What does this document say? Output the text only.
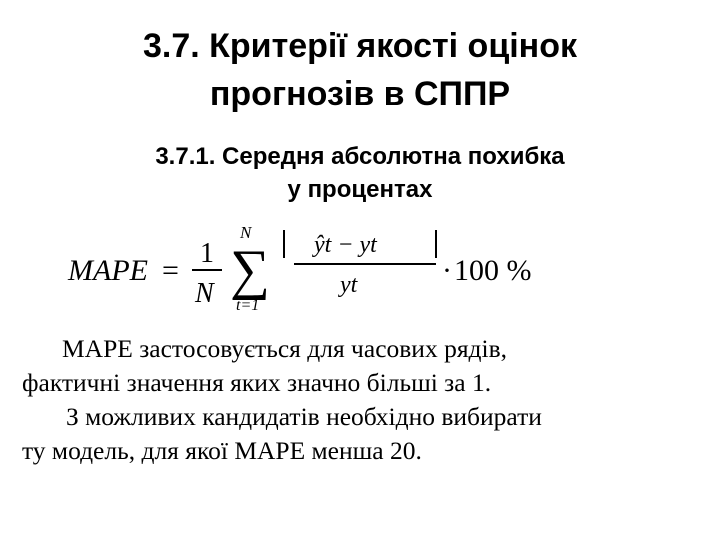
3.7. Критерії якості оцінок
прогнозів в СППР
3.7.1. Середня абсолютна похибка
у процентах
MAPE =
1
N
N
∑
t=1
ŷt − yt
yt	· 100 %

MAPE застосовується для часових рядів,

фактичні значення яких значно більші за 1.

З можливих кандидатів необхідно вибирати

ту модель, для якої MAPE менша 20.
